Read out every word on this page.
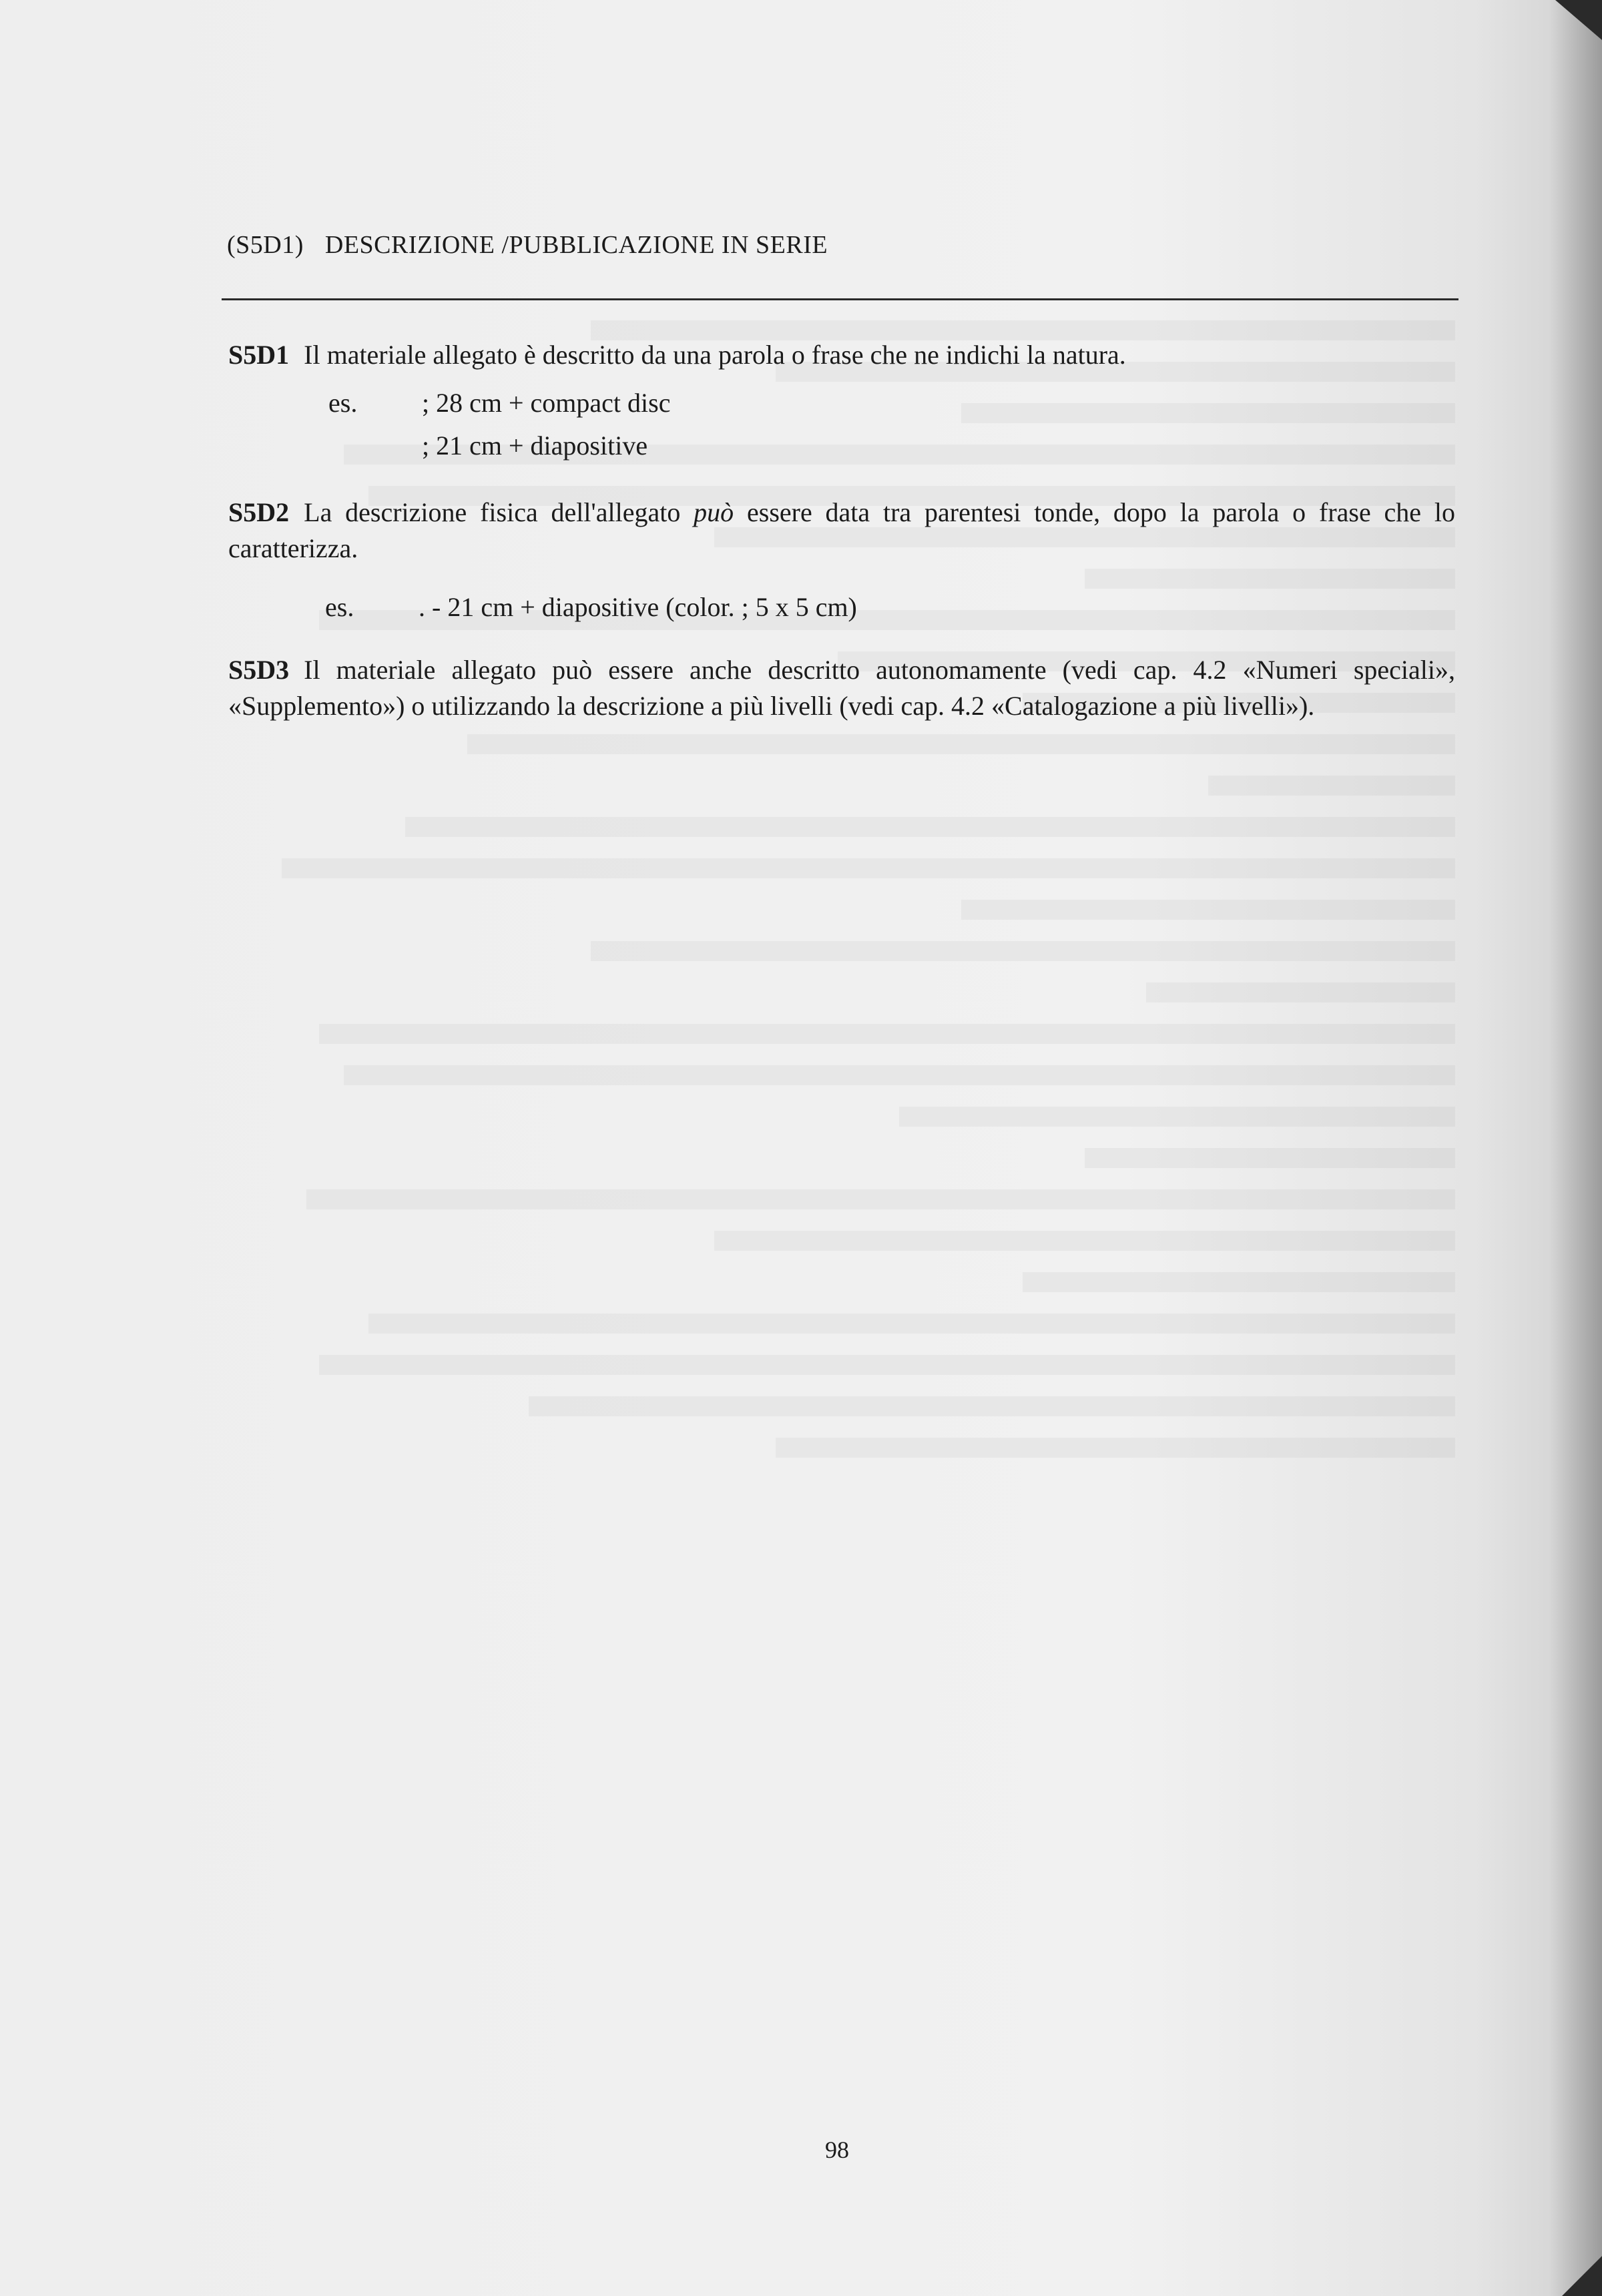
(S5D1) DESCRIZIONE /PUBBLICAZIONE IN SERIE

S5D1 Il materiale allegato è descritto da una parola o frase che ne indichi la natura.

es.	; 28 cm + compact disc
; 21 cm + diapositive

S5D2 La descrizione fisica dell'allegato può essere data tra parentesi tonde, dopo la parola o frase che lo caratterizza.

es.	. - 21 cm + diapositive (color. ; 5 x 5 cm)

S5D3 Il materiale allegato può essere anche descritto autonomamente (vedi cap. 4.2 «Numeri speciali», «Supplemento») o utilizzando la descrizione a più livelli (vedi cap. 4.2 «Catalogazione a più livelli»).

98
